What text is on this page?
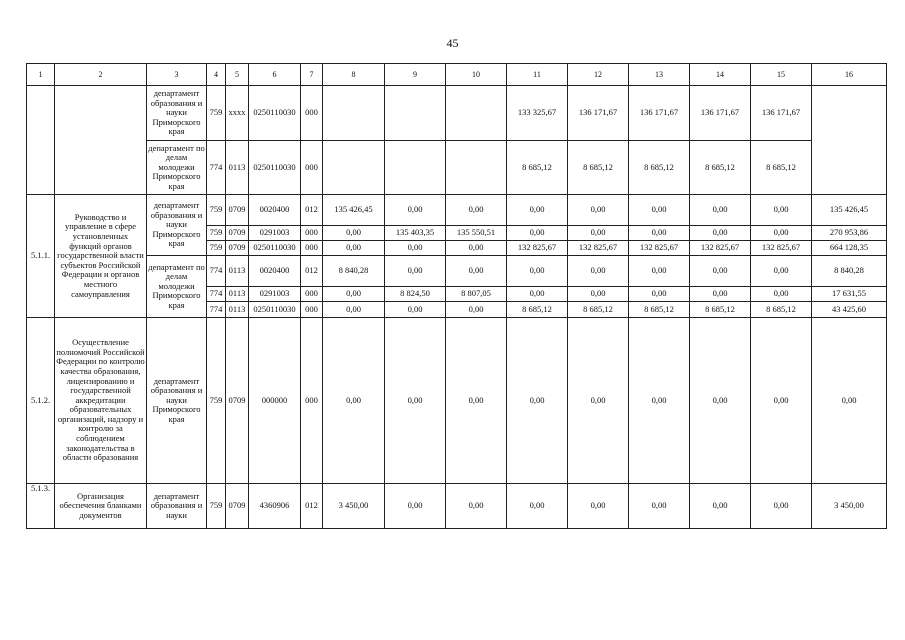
45
1	2	3	4	5	6	7	8	9	10	11	12	13	14	15	16
		департамент образования и науки Приморского края	759	xxxx	0250110030	000				133 325,67	136 171,67	136 171,67	136 171,67	136 171,67	
		департамент по делам молодежи Приморского края	774	0113	0250110030	000				8 685,12	8 685,12	8 685,12	8 685,12	8 685,12	
5.1.1.	Руководство и управление в сфере установленных функций органов государственной власти субъектов Российской Федерации и органов местного самоуправления	департамент образования и науки Приморского края	759	0709	0020400	012	135 426,45	0,00	0,00	0,00	0,00	0,00	0,00	0,00	135 426,45
			759	0709	0291003	000	0,00	135 403,35	135 550,51	0,00	0,00	0,00	0,00	0,00	270 953,86
			759	0709	0250110030	000	0,00	0,00	0,00	132 825,67	132 825,67	132 825,67	132 825,67	132 825,67	664 128,35
		департамент по делам молодежи Приморского края	774	0113	0020400	012	8 840,28	0,00	0,00	0,00	0,00	0,00	0,00	0,00	8 840,28
			774	0113	0291003	000	0,00	8 824,50	8 807,05	0,00	0,00	0,00	0,00	0,00	17 631,55
			774	0113	0250110030	000	0,00	0,00	0,00	8 685,12	8 685,12	8 685,12	8 685,12	8 685,12	43 425,60
5.1.2.	Осуществление полномочий Российской Федерации по контролю качества образования, лицензированию и государственной аккредитации образовательных организаций, надзору и контролю за соблюдением законодательства в области образования	департамент образования и науки Приморского края	759	0709	000000	000	0,00	0,00	0,00	0,00	0,00	0,00	0,00	0,00	0,00
5.1.3.	Организация обеспечения бланками документов	департамент образования и науки	759	0709	4360906	012	3 450,00	0,00	0,00	0,00	0,00	0,00	0,00	0,00	3 450,00
